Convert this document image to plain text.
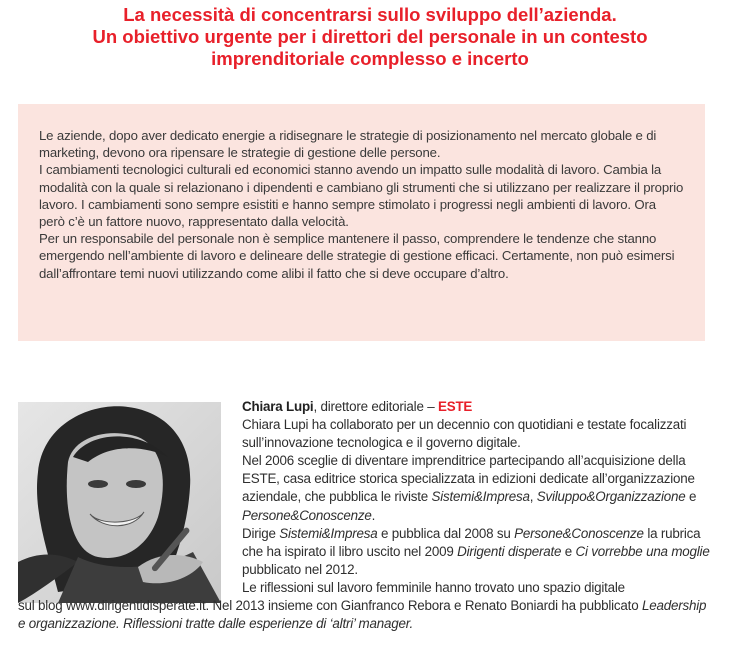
La necessità di concentrarsi sullo sviluppo dell’azienda.
Un obiettivo urgente per i direttori del personale in un contesto
imprenditoriale complesso e incerto

Le aziende, dopo aver dedicato energie a ridisegnare le strategie di posizionamento nel mercato globale e di marketing, devono ora ripensare le strategie di gestione delle persone.

I cambiamenti tecnologici culturali ed economici stanno avendo un impatto sulle modalità di lavoro. Cambia la modalità con la quale si relazionano i dipendenti e cambiano gli strumenti che si utilizzano per realizzare il proprio lavoro. I cambiamenti sono sempre esistiti e hanno sempre stimolato i progressi negli ambienti di lavoro. Ora però c’è un fattore nuovo, rappresentato dalla velocità.

Per un responsabile del personale non è semplice mantenere il passo, comprendere le tendenze che stanno emergendo nell’ambiente di lavoro e delineare delle strategie di gestione efficaci. Certamente, non può esimersi dall’affrontare temi nuovi utilizzando come alibi il fatto che si deve occupare d’altro.

Chiara Lupi, direttore editoriale – ESTE

Chiara Lupi ha collaborato per un decennio con quotidiani e testate focalizzati sull’innovazione tecnologica e il governo digitale.

Nel 2006 sceglie di diventare imprenditrice partecipando all’acquisizione della ESTE, casa editrice storica specializzata in edizioni dedicate all’organizzazione aziendale, che pubblica le riviste Sistemi&Impresa, Sviluppo&Organizzazione e Persone&Conoscenze.

Dirige Sistemi&Impresa e pubblica dal 2008 su Persone&Conoscenze la rubrica che ha ispirato il libro uscito nel 2009 Dirigenti disperate e Ci vorrebbe una moglie pubblicato nel 2012.

Le riflessioni sul lavoro femminile hanno trovato uno spazio digitale

sul blog www.dirigentidisperate.it. Nel 2013 insieme con Gianfranco Rebora e Renato Boniardi ha pubblicato Leadership e organizzazione. Riflessioni tratte dalle esperienze di ‘altri’ manager.
